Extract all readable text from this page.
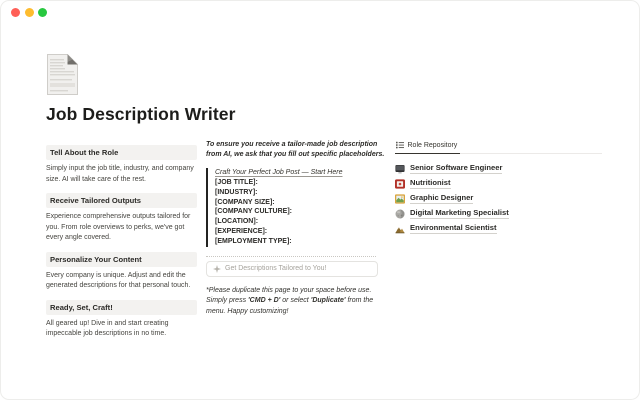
Job Description Writer
Tell About the Role

Simply input the job title, industry, and company size. AI will take care of the rest.

Receive Tailored Outputs

Experience comprehensive outputs tailored for you. From role overviews to perks, we've got every angle covered.

Personalize Your Content

Every company is unique. Adjust and edit the generated descriptions for that personal touch.

Ready, Set, Craft!

All geared up! Dive in and start creating impeccable job descriptions in no time.

To ensure you receive a tailor-made job description from AI, we ask that you fill out specific placeholders.

Craft Your Perfect Job Post — Start Here
[JOB TITLE]:
[INDUSTRY]:
[COMPANY SIZE]:
[COMPANY CULTURE]:
[LOCATION]:
[EXPERIENCE]:
[EMPLOYMENT TYPE]:
Get Descriptions Tailored to You!

*Please duplicate this page to your space before use. Simply press 'CMD + D' or select 'Duplicate' from the menu. Happy customizing!

Role Repository
Senior Software Engineer
Nutritionist
Graphic Designer
Digital Marketing Specialist
Environmental Scientist
